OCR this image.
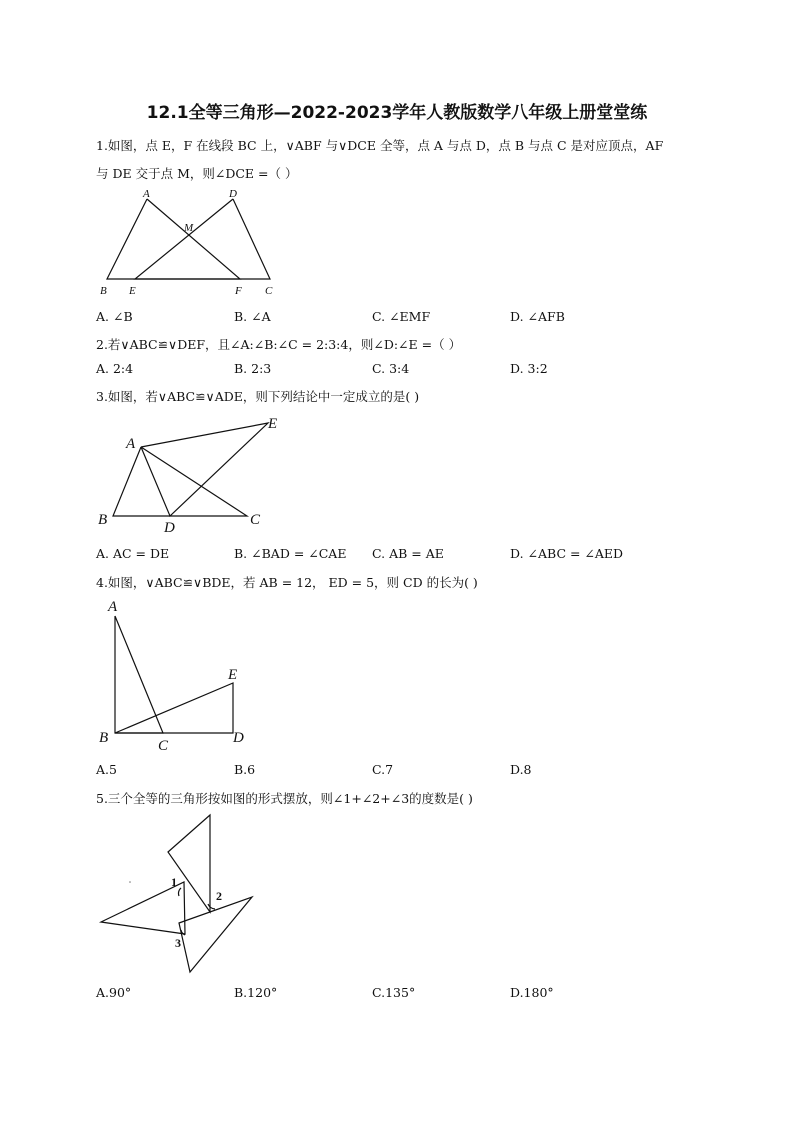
12.1全等三角形—2022-2023学年人教版数学八年级上册堂堂练
1.如图，点 E，F 在线段 BC 上，∨ABF 与∨DCE 全等，点 A 与点 D，点 B 与点 C 是对应顶点，AF
与 DE 交于点 M，则∠DCE =（ ）
A	D
M
B E	F C
A. ∠B	B. ∠A	C. ∠EMF	D. ∠AFB
2.若∨ABC≌∨DEF，且∠A:∠B:∠C = 2:3:4，则∠D:∠E =（ ）
A. 2:4	B. 2:3	C. 3:4	D. 3:2
3.如图，若∨ABC≌∨ADE，则下列结论中一定成立的是( )
A
E
B	D	C
A. AC = DE	B. ∠BAD = ∠CAE C. AB = AE	D. ∠ABC = ∠AED
4.如图，∨ABC≌∨BDE，若 AB = 12， ED = 5，则 CD 的长为( )
A
E
B	C	D
A.5	B.6	C.7	D.8
5.三个全等的三角形按如图的形式摆放，则∠1+∠2+∠3的度数是( )
1
2
3
A.90°	B.120°	C.135°	D.180°
